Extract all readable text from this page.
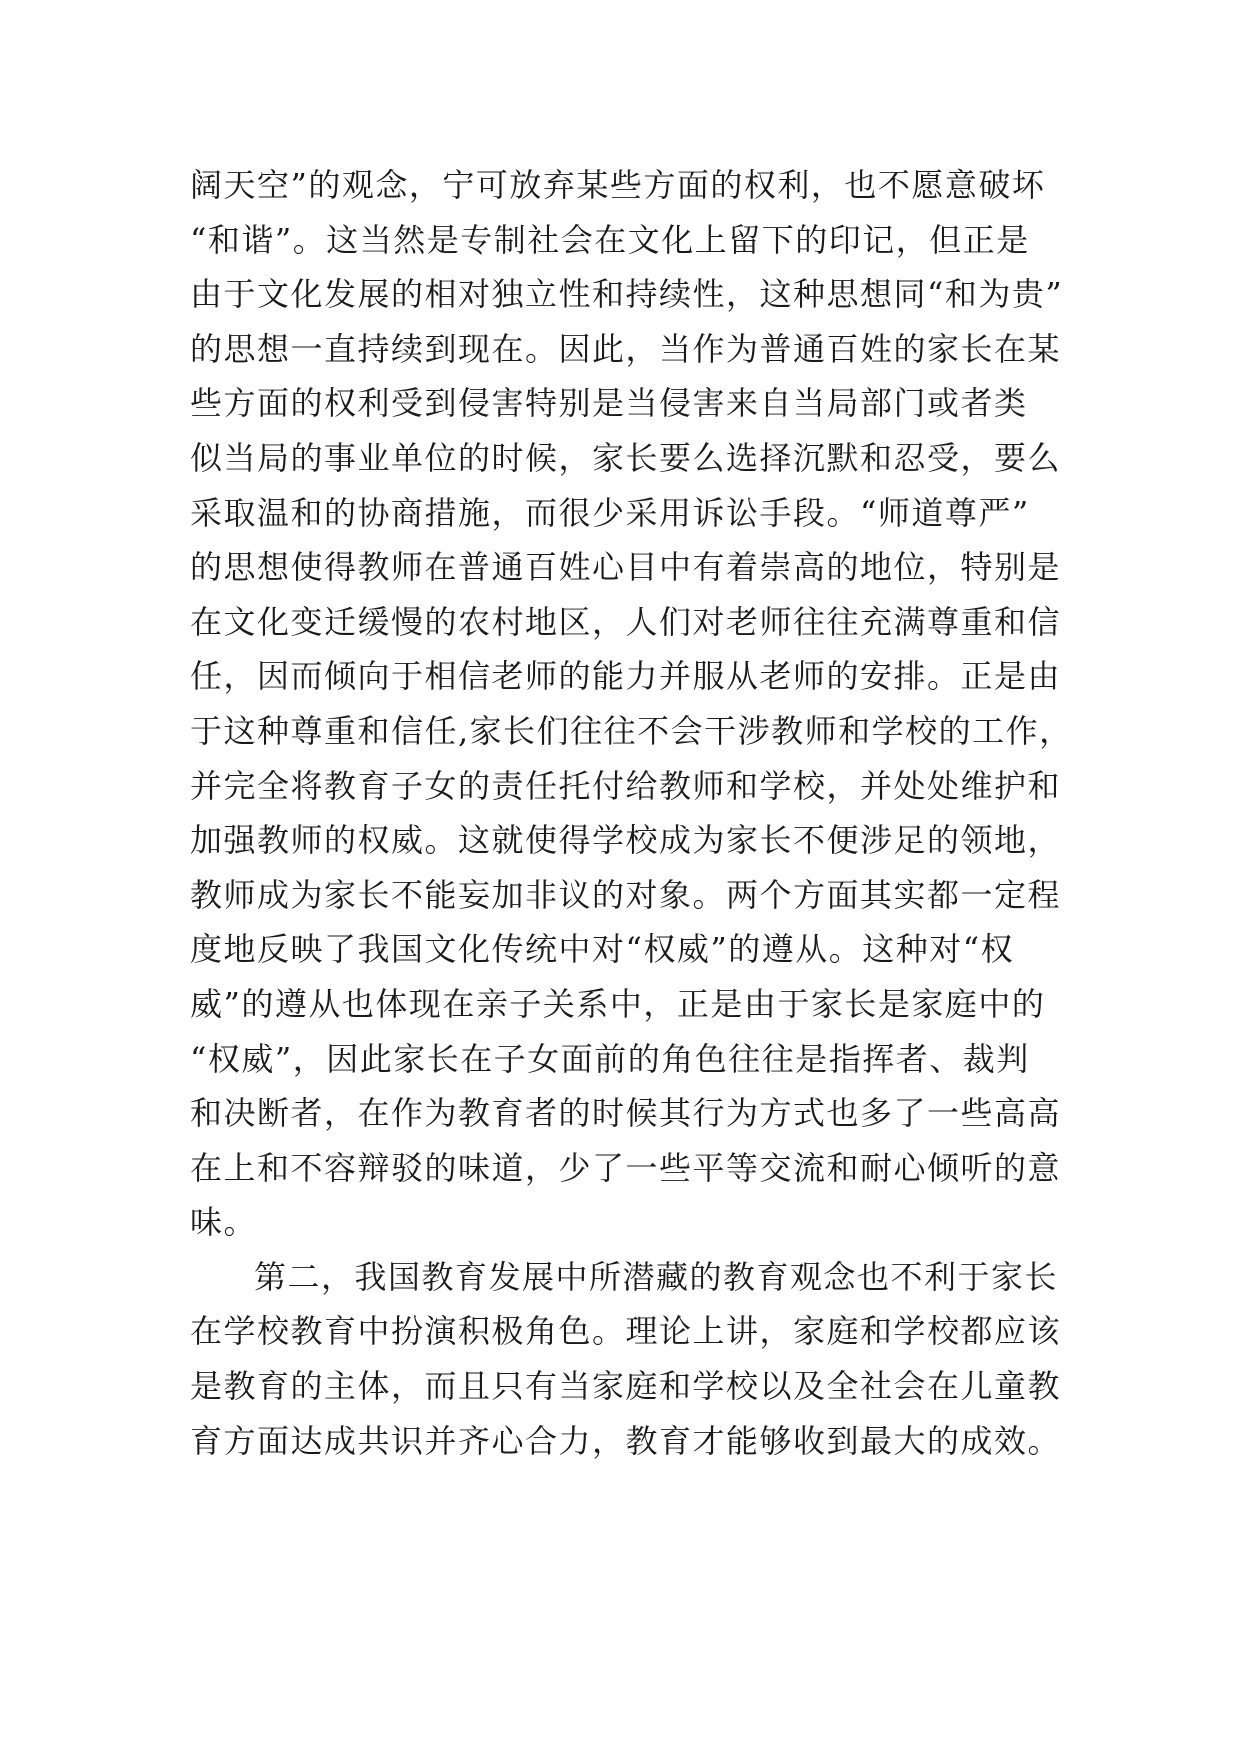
阔天空”的观念，宁可放弃某些方面的权利，也不愿意破坏
“和谐”。这当然是专制社会在文化上留下的印记，但正是
由于文化发展的相对独立性和持续性，这种思想同“和为贵”
的思想一直持续到现在。因此，当作为普通百姓的家长在某
些方面的权利受到侵害特别是当侵害来自当局部门或者类
似当局的事业单位的时候，家长要么选择沉默和忍受，要么
采取温和的协商措施，而很少采用诉讼手段。“师道尊严”
的思想使得教师在普通百姓心目中有着崇高的地位，特别是
在文化变迁缓慢的农村地区，人们对老师往往充满尊重和信
任，因而倾向于相信老师的能力并服从老师的安排。正是由
于这种尊重和信任,家长们往往不会干涉教师和学校的工作，
并完全将教育子女的责任托付给教师和学校，并处处维护和
加强教师的权威。这就使得学校成为家长不便涉足的领地，
教师成为家长不能妄加非议的对象。两个方面其实都一定程
度地反映了我国文化传统中对“权威”的遵从。这种对“权
威”的遵从也体现在亲子关系中，正是由于家长是家庭中的
“权威”，因此家长在子女面前的角色往往是指挥者、裁判
和决断者，在作为教育者的时候其行为方式也多了一些高高
在上和不容辩驳的味道，少了一些平等交流和耐心倾听的意
味。
第二，我国教育发展中所潜藏的教育观念也不利于家长
在学校教育中扮演积极角色。理论上讲，家庭和学校都应该
是教育的主体，而且只有当家庭和学校以及全社会在儿童教
育方面达成共识并齐心合力，教育才能够收到最大的成效。
